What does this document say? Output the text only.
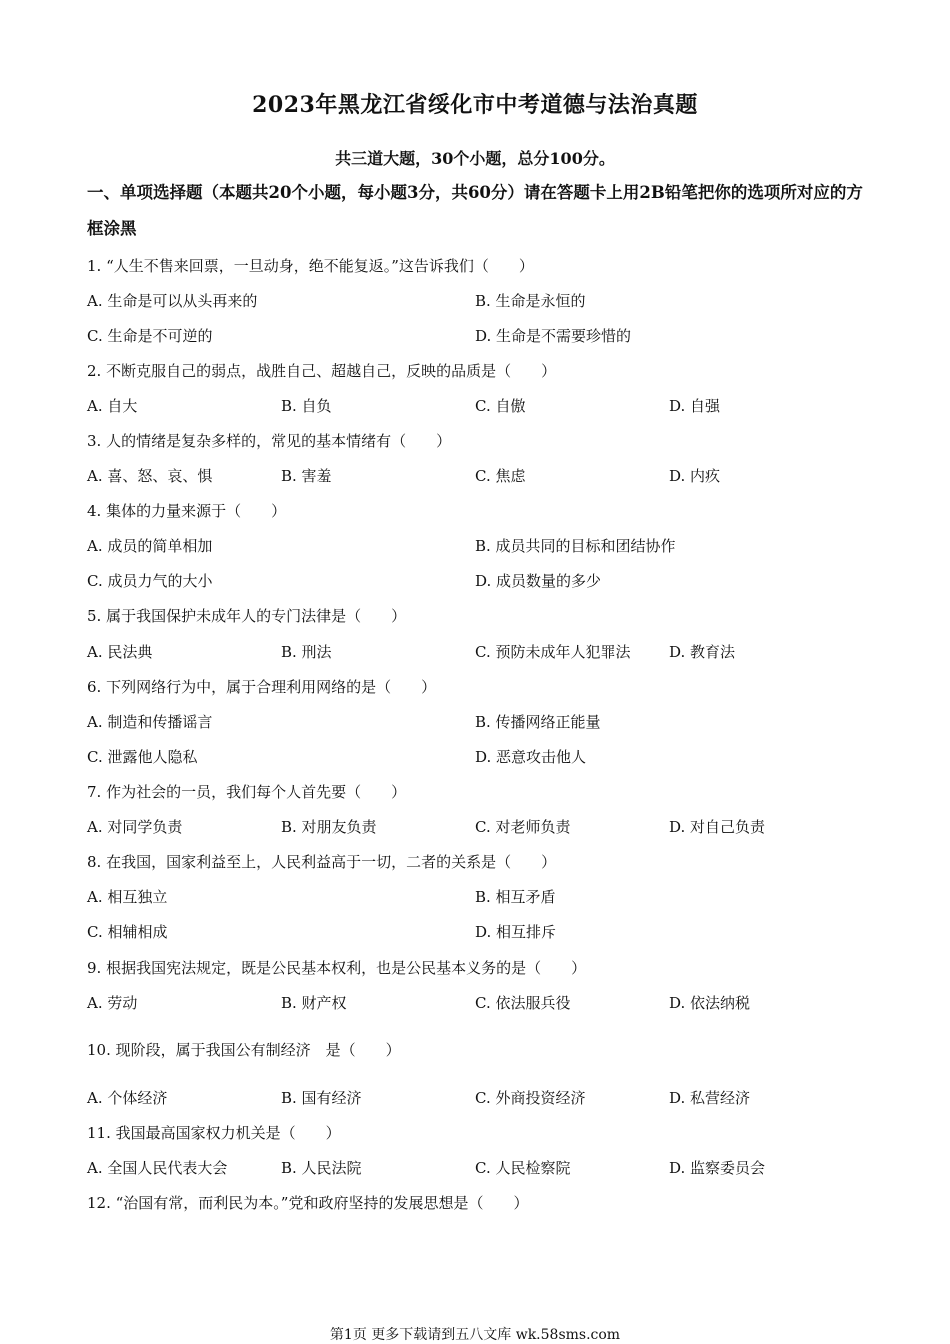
2023年黑龙江省绥化市中考道德与法治真题
共三道大题，30个小题，总分100分。
一、单项选择题（本题共20个小题，每小题3分，共60分）请在答题卡上用2B铅笔把你的选项所对应的方框涂黑
1. “人生不售来回票，一旦动身，绝不能复返。”这告诉我们（　　）
A. 生命是可以从头再来的	B. 生命是永恒的
C. 生命是不可逆的	D. 生命是不需要珍惜的
2. 不断克服自己的弱点，战胜自己、超越自己，反映的品质是（　　）
A. 自大	B. 自负	C. 自傲	D. 自强
3. 人的情绪是复杂多样的，常见的基本情绪有（　　）
A. 喜、怒、哀、惧	B. 害羞	C. 焦虑	D. 内疚
4. 集体的力量来源于（　　）
A. 成员的简单相加	B. 成员共同的目标和团结协作
C. 成员力气的大小	D. 成员数量的多少
5. 属于我国保护未成年人的专门法律是（　　）
A. 民法典	B. 刑法	C. 预防未成年人犯罪法	D. 教育法
6. 下列网络行为中，属于合理利用网络的是（　　）
A. 制造和传播谣言	B. 传播网络正能量
C. 泄露他人隐私	D. 恶意攻击他人
7. 作为社会的一员，我们每个人首先要（　　）
A. 对同学负责	B. 对朋友负责	C. 对老师负责	D. 对自己负责
8. 在我国，国家利益至上，人民利益高于一切，二者的关系是（　　）
A. 相互独立	B. 相互矛盾
C. 相辅相成	D. 相互排斥
9. 根据我国宪法规定，既是公民基本权利，也是公民基本义务的是（　　）
A. 劳动	B. 财产权	C. 依法服兵役	D. 依法纳税
10. 现阶段，属于我国公有制经济　是（　　）
A. 个体经济	B. 国有经济	C. 外商投资经济	D. 私营经济
11. 我国最高国家权力机关是（　　）
A. 全国人民代表大会	B. 人民法院	C. 人民检察院	D. 监察委员会
12. “治国有常，而利民为本。”党和政府坚持的发展思想是（　　）
第1页 更多下载请到五八文库 wk.58sms.com
